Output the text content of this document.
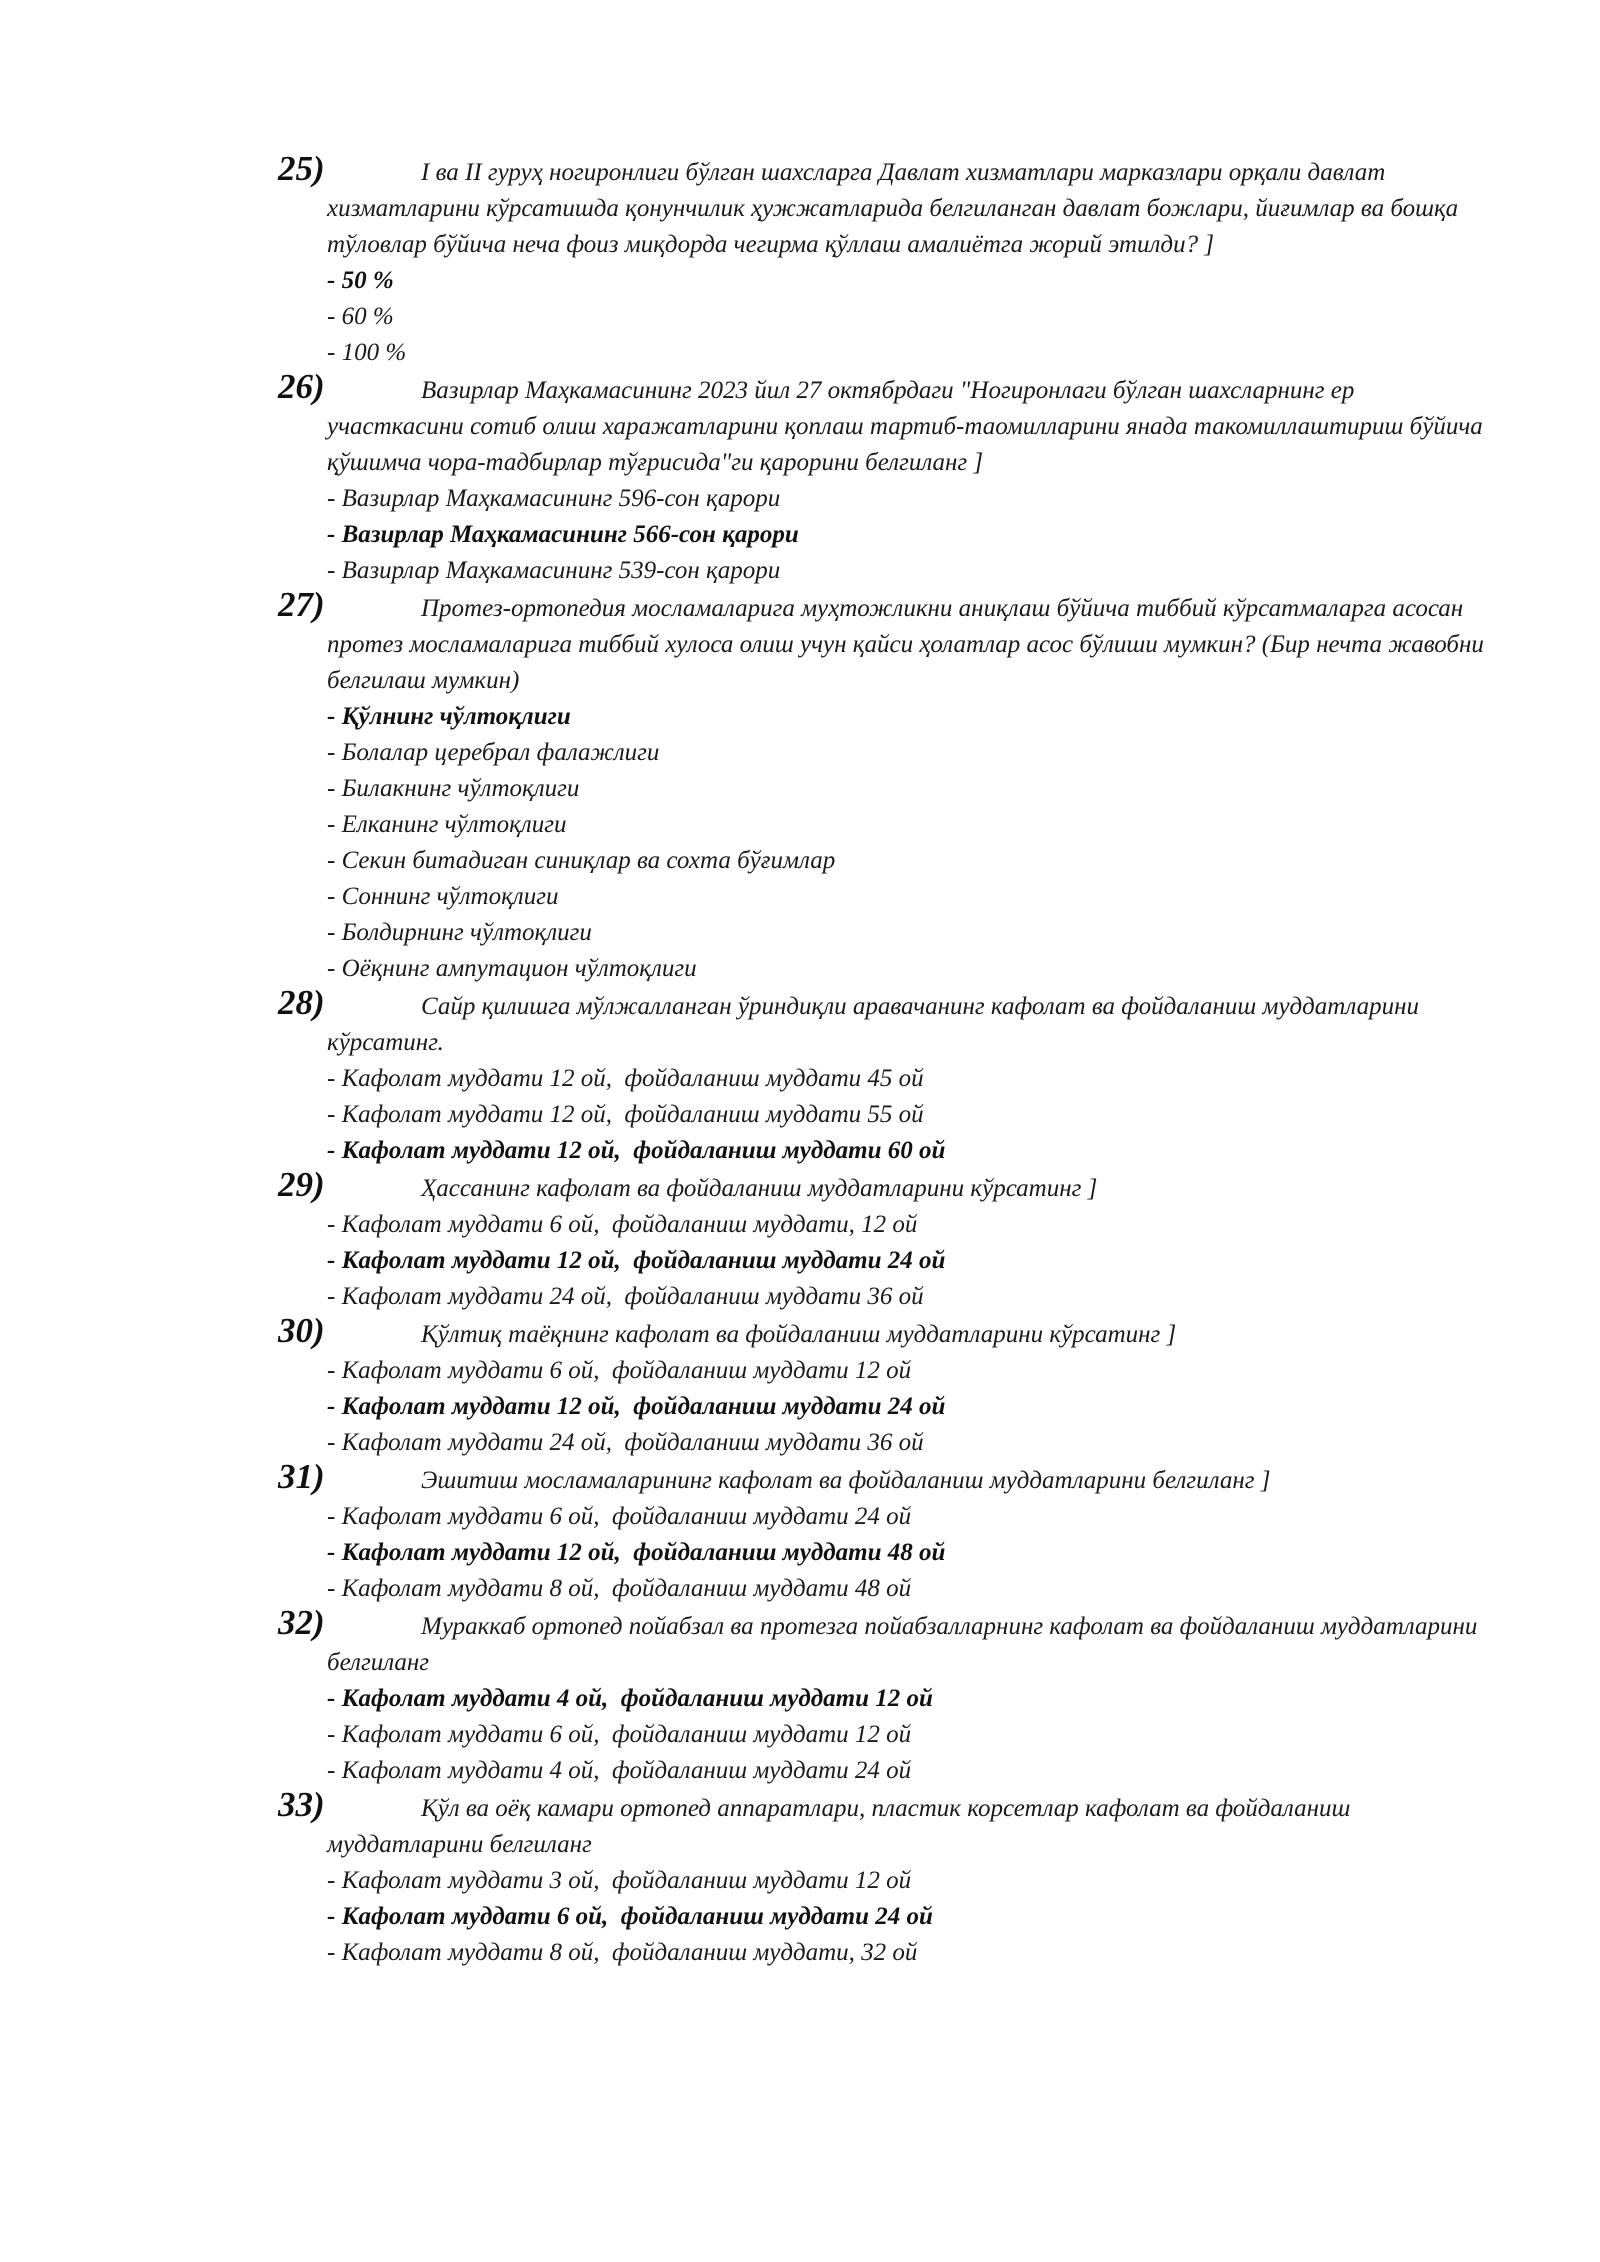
25)	I ва II гуруҳ ногиронлиги бўлган шахсларга Давлат хизматлари марказлари орқали давлат хизматларини кўрсатишда қонунчилик ҳужжатларида белгиланган давлат божлари, йиғимлар ва бошқа тўловлар бўйича неча фоиз миқдорда чегирма қўллаш амалиётга жорий этилди? ]
- 50 %
- 60 %
- 100 %
26)	Вазирлар Маҳкамасининг 2023 йил 27 октябрдаги "Ногиронлаги бўлган шахсларнинг ер участкасини сотиб олиш харажатларини қоплаш тартиб-таомилларини янада такомиллаштириш бўйича қўшимча чора-тадбирлар тўғрисида"ги қарорини белгиланг ]
- Вазирлар Маҳкамасининг 596-сон қарори
- Вазирлар Маҳкамасининг 566-сон қарори
- Вазирлар Маҳкамасининг 539-сон қарори
27)	Протез-ортопедия мосламаларига муҳтожликни аниқлаш бўйича тиббий кўрсатмаларга асосан протез мосламаларига тиббий хулоса олиш учун қайси ҳолатлар асос бўлиши мумкин? (Бир нечта жавобни белгилаш мумкин)
- Қўлнинг чўлтоқлиги
- Болалар церебрал фалажлиги
- Билакнинг чўлтоқлиги
- Елканинг чўлтоқлиги
- Секин битадиган синиқлар ва сохта бўғимлар
- Соннинг чўлтоқлиги
- Болдирнинг чўлтоқлиги
- Оёқнинг ампутацион чўлтоқлиги
28)	Сайр қилишга мўлжалланган ўриндиқли аравачанинг кафолат ва фойдаланиш муддатларини кўрсатинг.
- Кафолат муддати 12 ой,  фойдаланиш муддати 45 ой
- Кафолат муддати 12 ой,  фойдаланиш муддати 55 ой
- Кафолат муддати 12 ой,  фойдаланиш муддати 60 ой
29)	Ҳассанинг кафолат ва фойдаланиш муддатларини кўрсатинг ]
- Кафолат муддати 6 ой,  фойдаланиш муддати, 12 ой
- Кафолат муддати 12 ой,  фойдаланиш муддати 24 ой
- Кафолат муддати 24 ой,  фойдаланиш муддати 36 ой
30)	Қўлтиқ таёқнинг кафолат ва фойдаланиш муддатларини кўрсатинг ]
- Кафолат муддати 6 ой,  фойдаланиш муддати 12 ой
- Кафолат муддати 12 ой,  фойдаланиш муддати 24 ой
- Кафолат муддати 24 ой,  фойдаланиш муддати 36 ой
31)	Эшитиш мосламаларининг кафолат ва фойдаланиш муддатларини белгиланг ]
- Кафолат муддати 6 ой,  фойдаланиш муддати 24 ой
- Кафолат муддати 12 ой,  фойдаланиш муддати 48 ой
- Кафолат муддати 8 ой,  фойдаланиш муддати 48 ой
32)	Мураккаб ортопед пойабзал ва протезга пойабзалларнинг кафолат ва фойдаланиш муддатларини белгиланг
- Кафолат муддати 4 ой,  фойдаланиш муддати 12 ой
- Кафолат муддати 6 ой,  фойдаланиш муддати 12 ой
- Кафолат муддати 4 ой,  фойдаланиш муддати 24 ой
33)	Қўл ва оёқ камари ортопед аппаратлари, пластик корсетлар кафолат ва фойдаланиш муддатларини белгиланг
- Кафолат муддати 3 ой,  фойдаланиш муддати 12 ой
- Кафолат муддати 6 ой,  фойдаланиш муддати 24 ой
- Кафолат муддати 8 ой,  фойдаланиш муддати, 32 ой
